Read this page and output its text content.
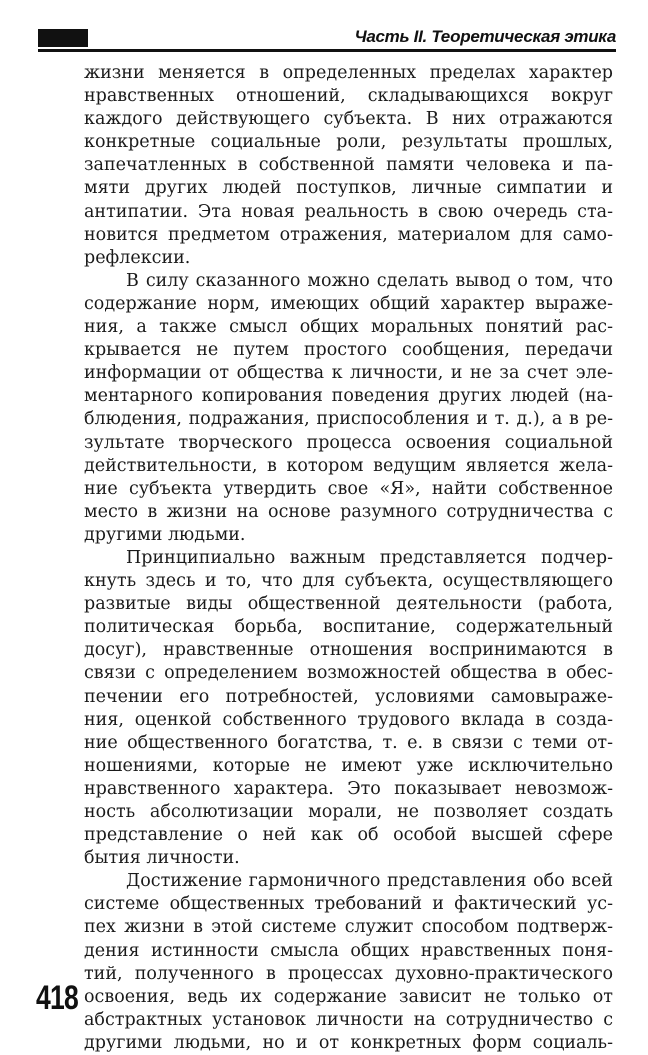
Часть II. Теоретическая этика
жизни меняется в определенных пределах характер
нравственных отношений, складывающихся вокруг
каждого действующего субъекта. В них отражаются
конкретные социальные роли, результаты прошлых,
запечатленных в собственной памяти человека и па-
мяти других людей поступков, личные симпатии и
антипатии. Эта новая реальность в свою очередь ста-
новится предметом отражения, материалом для само-
рефлексии.
В силу сказанного можно сделать вывод о том, что
содержание норм, имеющих общий характер выраже-
ния, а также смысл общих моральных понятий рас-
крывается не путем простого сообщения, передачи
информации от общества к личности, и не за счет эле-
ментарного копирования поведения других людей (на-
блюдения, подражания, приспособления и т. д.), а в ре-
зультате творческого процесса освоения социальной
действительности, в котором ведущим является жела-
ние субъекта утвердить свое «Я», найти собственное
место в жизни на основе разумного сотрудничества с
другими людьми.
Принципиально важным представляется подчер-
кнуть здесь и то, что для субъекта, осуществляющего
развитые виды общественной деятельности (работа,
политическая борьба, воспитание, содержательный
досуг), нравственные отношения воспринимаются в
связи с определением возможностей общества в обес-
печении его потребностей, условиями самовыраже-
ния, оценкой собственного трудового вклада в созда-
ние общественного богатства, т. е. в связи с теми от-
ношениями, которые не имеют уже исключительно
нравственного характера. Это показывает невозмож-
ность абсолютизации морали, не позволяет создать
представление о ней как об особой высшей сфере
бытия личности.
Достижение гармоничного представления обо всей
системе общественных требований и фактический ус-
пех жизни в этой системе служит способом подтверж-
дения истинности смысла общих нравственных поня-
тий, полученного в процессах духовно-практического
освоения, ведь их содержание зависит не только от
абстрактных установок личности на сотрудничество с
другими людьми, но и от конкретных форм социаль-
418
